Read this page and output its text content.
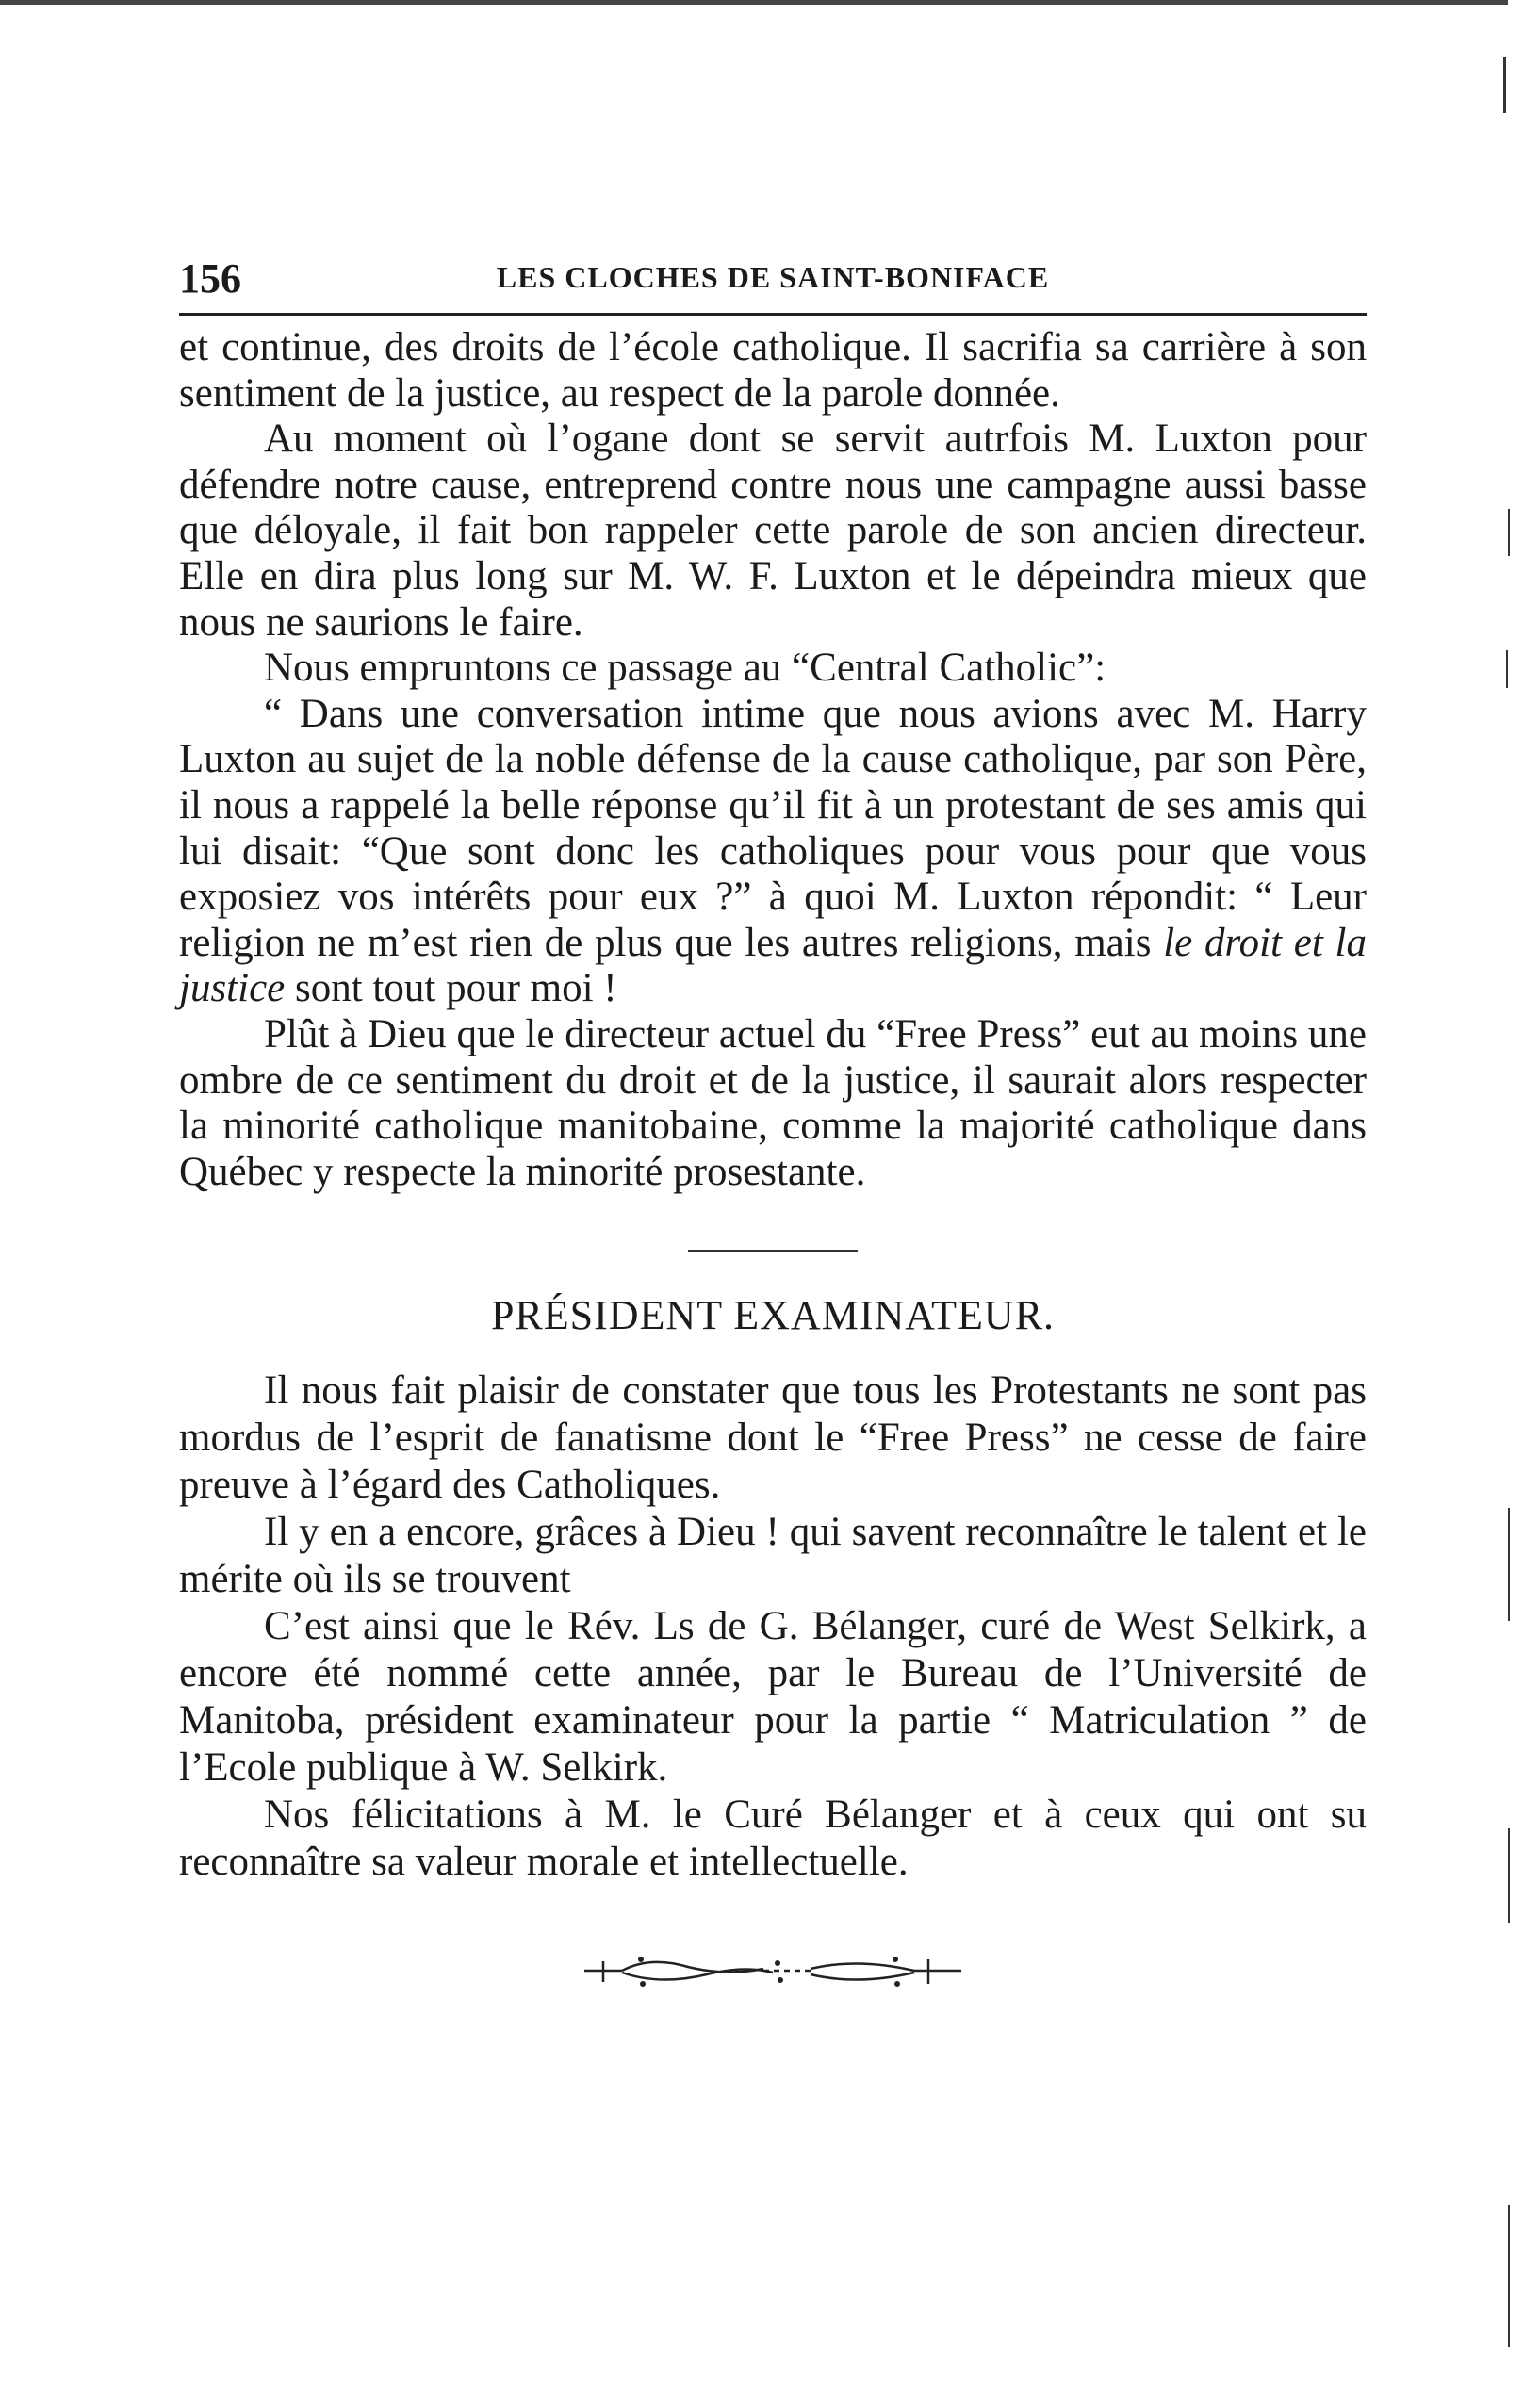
156	LES CLOCHES DE SAINT-BONIFACE

et continue, des droits de l’école catholique. Il sacrifia sa carrière à son sentiment de la justice, au respect de la parole donnée.

Au moment où l’ogane dont se servit autrfois M. Luxton pour défendre notre cause, entreprend contre nous une campagne aussi basse que déloyale, il fait bon rappeler cette parole de son ancien directeur. Elle en dira plus long sur M. W. F. Luxton et le dépeindra mieux que nous ne saurions le faire.

Nous empruntons ce passage au “Central Catholic”:

“ Dans une conversation intime que nous avions avec M. Harry Luxton au sujet de la noble défense de la cause catholique, par son Père, il nous a rappelé la belle réponse qu’il fit à un protestant de ses amis qui lui disait: “Que sont donc les catholiques pour vous pour que vous exposiez vos intérêts pour eux ?” à quoi M. Luxton répondit: “ Leur religion ne m’est rien de plus que les autres religions, mais le droit et la justice sont tout pour moi !

Plût à Dieu que le directeur actuel du “Free Press” eut au moins une ombre de ce sentiment du droit et de la justice, il saurait alors respecter la minorité catholique manitobaine, comme la majorité catholique dans Québec y respecte la minorité prosestante.

PRÉSIDENT EXAMINATEUR.

Il nous fait plaisir de constater que tous les Protestants ne sont pas mordus de l’esprit de fanatisme dont le “Free Press” ne cesse de faire preuve à l’égard des Catholiques.

Il y en a encore, grâces à Dieu ! qui savent reconnaître le talent et le mérite où ils se trouvent

C’est ainsi que le Rév. Ls de G. Bélanger, curé de West Selkirk, a encore été nommé cette année, par le Bureau de l’Université de Manitoba, président examinateur pour la partie “ Matriculation ” de l’Ecole publique à W. Selkirk.

Nos félicitations à M. le Curé Bélanger et à ceux qui ont su reconnaître sa valeur morale et intellectuelle.
